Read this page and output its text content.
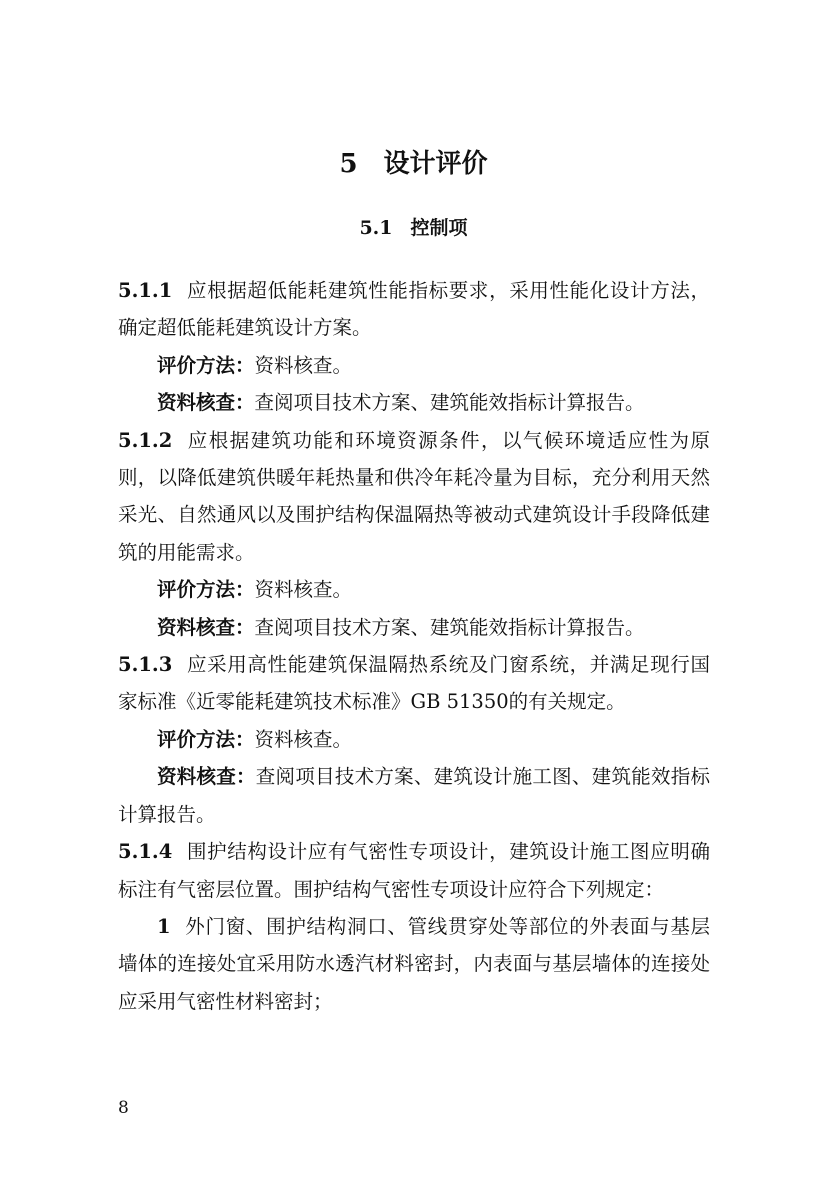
5 设计评价
5.1 控制项

5.1.1 应根据超低能耗建筑性能指标要求，采用性能化设计方法，确定超低能耗建筑设计方案。

评价方法：资料核查。

资料核查：查阅项目技术方案、建筑能效指标计算报告。

5.1.2 应根据建筑功能和环境资源条件，以气候环境适应性为原则，以降低建筑供暖年耗热量和供冷年耗冷量为目标，充分利用天然采光、自然通风以及围护结构保温隔热等被动式建筑设计手段降低建筑的用能需求。

评价方法：资料核查。

资料核查：查阅项目技术方案、建筑能效指标计算报告。

5.1.3 应采用高性能建筑保温隔热系统及门窗系统，并满足现行国家标准《近零能耗建筑技术标准》GB 51350的有关规定。

评价方法：资料核查。

资料核查：查阅项目技术方案、建筑设计施工图、建筑能效指标计算报告。

5.1.4 围护结构设计应有气密性专项设计，建筑设计施工图应明确标注有气密层位置。围护结构气密性专项设计应符合下列规定：

1 外门窗、围护结构洞口、管线贯穿处等部位的外表面与基层墙体的连接处宜采用防水透汽材料密封，内表面与基层墙体的连接处应采用气密性材料密封；

8
